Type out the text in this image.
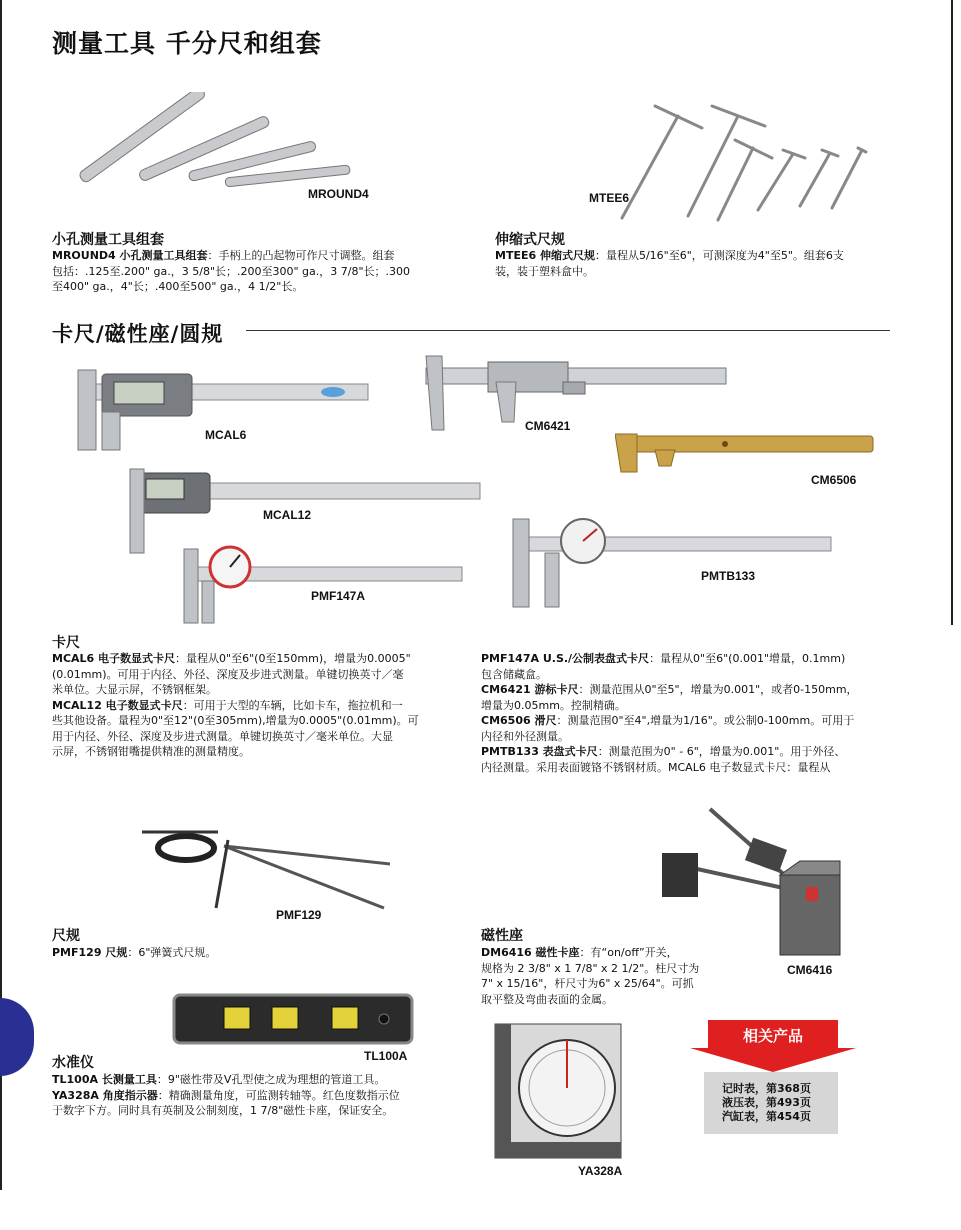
测量工具 千分尺和组套
MROUND4	MTEE6
小孔测量工具组套
MROUND4 小孔测量工具组套：手柄上的凸起物可作尺寸调整。组套
包括：.125至.200" ga.，3 5/8"长；.200至300" ga.，3 7/8"长；.300
至400" ga.，4"长；.400至500" ga.，4 1/2"长。
伸缩式尺规
MTEE6 伸缩式尺规：量程从5/16"至6"，可测深度为4"至5"。组套6支
装，装于塑料盒中。
卡尺/磁性座/圆规
MCAL6
CM6421
CM6506
MCAL12
PMTB133
PMF147A
卡尺
MCAL6 电子数显式卡尺：量程从0"至6"(0至150mm)，增量为0.0005"
(0.01mm)。可用于内径、外径、深度及步进式测量。单键切换英寸／毫
米单位。大显示屏，不锈钢框架。
MCAL12 电子数显式卡尺：可用于大型的车辆，比如卡车，拖拉机和一
些其他设备。量程为0"至12"(0至305mm),增量为0.0005"(0.01mm)。可
用于内径、外径、深度及步进式测量。单键切换英寸／毫米单位。大显
示屏，不锈钢钳嘴提供精准的测量精度。
PMF147A U.S./公制表盘式卡尺：量程从0"至6"(0.001"增量，0.1mm)
包含储藏盒。
CM6421 游标卡尺：测量范围从0"至5"，增量为0.001"，或者0-150mm，
增量为0.05mm。控制精确。
CM6506 滑尺：测量范围0"至4",增量为1/16"。或公制0-100mm。可用于
内径和外径测量。
PMTB133 表盘式卡尺：测量范围为0" - 6"，增量为0.001"。用于外径、
内径测量。采用表面镀铬不锈钢材质。MCAL6 电子数显式卡尺：量程从
PMF129
尺规
PMF129 尺规：6"弹簧式尺规。
CM6416
磁性座
DM6416 磁性卡座：有“on/off”开关，
规格为 2 3/8" x 1 7/8" x 2 1/2"。柱尺寸为
7" x 15/16"，杆尺寸为6" x 25/64"。可抓
取平整及弯曲表面的金属。
TL100A
水准仪
TL100A 长测量工具：9"磁性带及V孔型使之成为理想的管道工具。
YA328A 角度指示器：精确测量角度，可监测转轴等。红色度数指示位
于数字下方。同时具有英制及公制刻度，1 7/8"磁性卡座，保证安全。
YA328A
相关产品
记时表，第368页
液压表，第493页
汽缸表，第454页
